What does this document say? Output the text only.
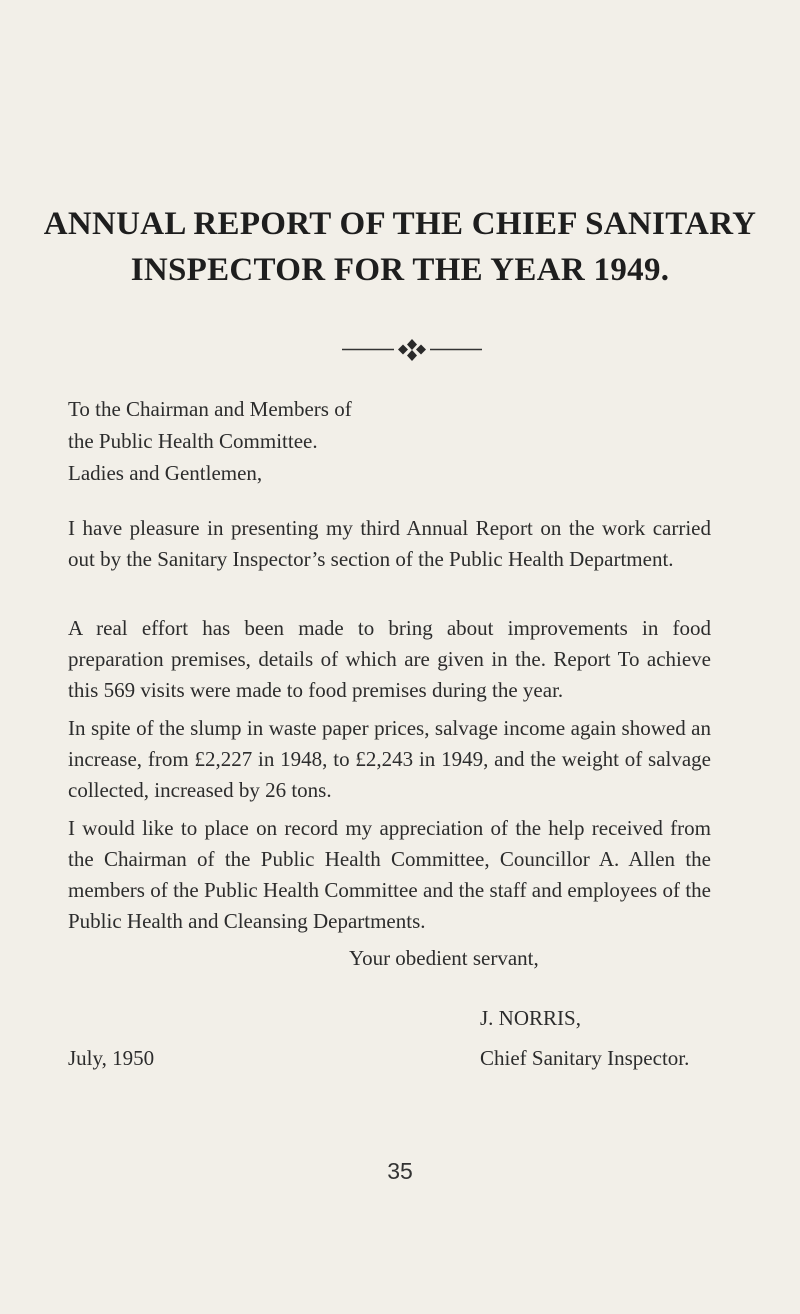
ANNUAL REPORT OF THE CHIEF SANITARY
INSPECTOR FOR THE YEAR 1949.
To the Chairman and Members of
the Public Health Committee.
Ladies and Gentlemen,

I have pleasure in presenting my third Annual Report on the work carried out by the Sanitary Inspector’s section of the Public Health Department.

A real effort has been made to bring about improvements in food preparation premises, details of which are given in the. Report To achieve this 569 visits were made to food premises during the year.

In spite of the slump in waste paper prices, salvage income again showed an increase, from £2,227 in 1948, to £2,243 in 1949, and the weight of salvage collected, increased by 26 tons.

I would like to place on record my appreciation of the help received from the Chairman of the Public Health Committee, Councillor A. Allen the members of the Public Health Committee and the staff and employees of the Public Health and Cleansing Departments.

Your obedient servant,
J. NORRIS,
July, 1950	Chief Sanitary Inspector.
35
